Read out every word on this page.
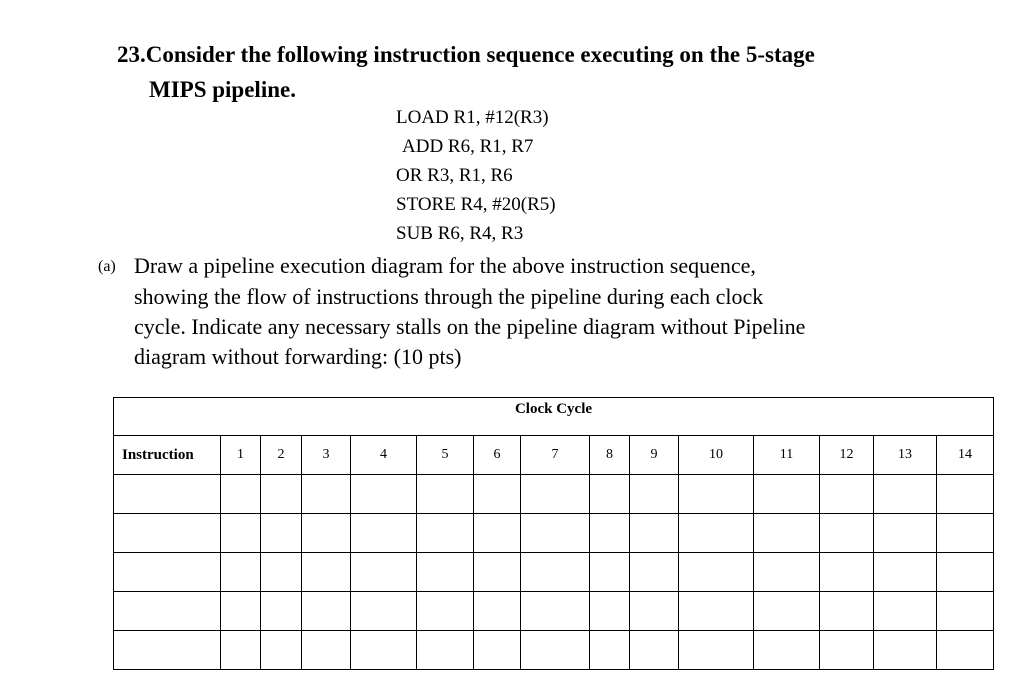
23.Consider the following instruction sequence executing on the 5-stage
MIPS pipeline.

LOAD R1, #12(R3)
ADD R6, R1, R7
OR R3, R1, R6
STORE R4, #20(R5)
SUB R6, R4, R3

(a) Draw a pipeline execution diagram for the above instruction sequence,
showing the flow of instructions through the pipeline during each clock
cycle. Indicate any necessary stalls on the pipeline diagram without Pipeline
diagram without forwarding: (10 pts)

Clock Cycle														
Instruction	1	2	3	4	5	6	7	8	9	10	11	12	13	14
